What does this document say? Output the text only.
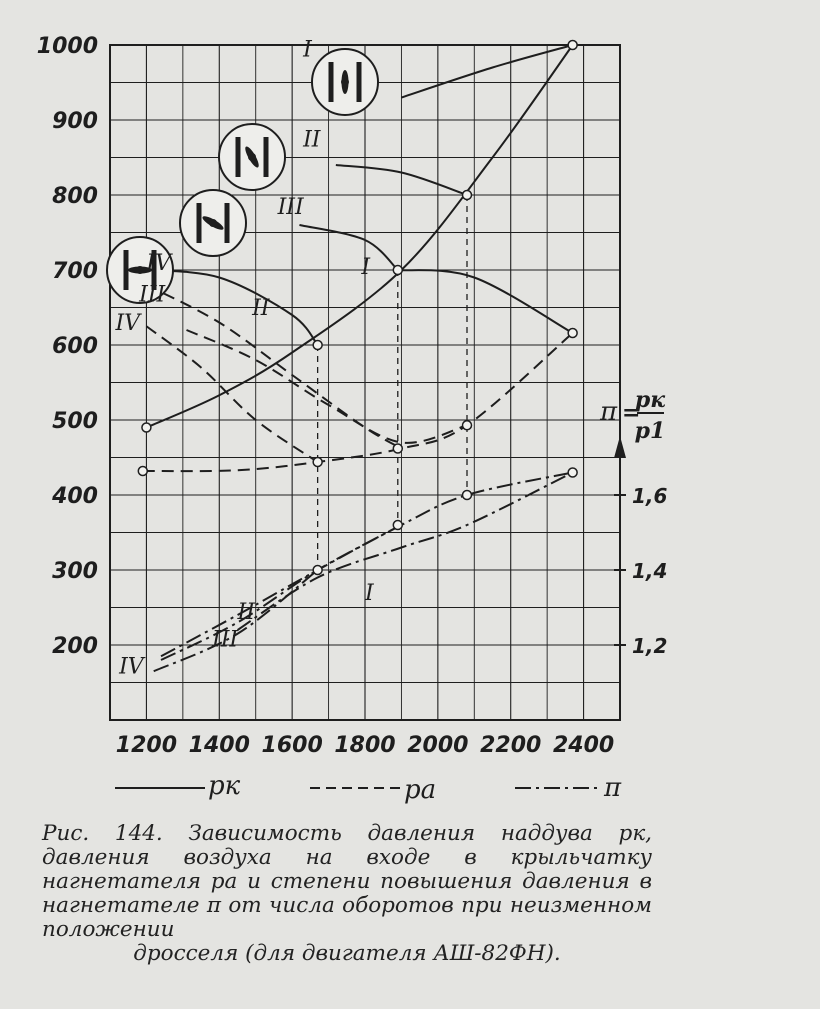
200
300
400
500
600
700
800
900
1000
1200 1400 1600 1800 2000 2200 2400
1,2
1,4
1,6
π =
pк
p1
I
II
III
IV
III
IV
I
II
I
II
III
IV
pк	pa	π
Рис. 144. Зависимость давления наддува pк, давления воздуха на входе в крыльчатку нагнетателя pa и степени повышения давления в нагнетателе π от числа оборотов при неизменном положении
дросселя (для двигателя АШ-82ФН).
